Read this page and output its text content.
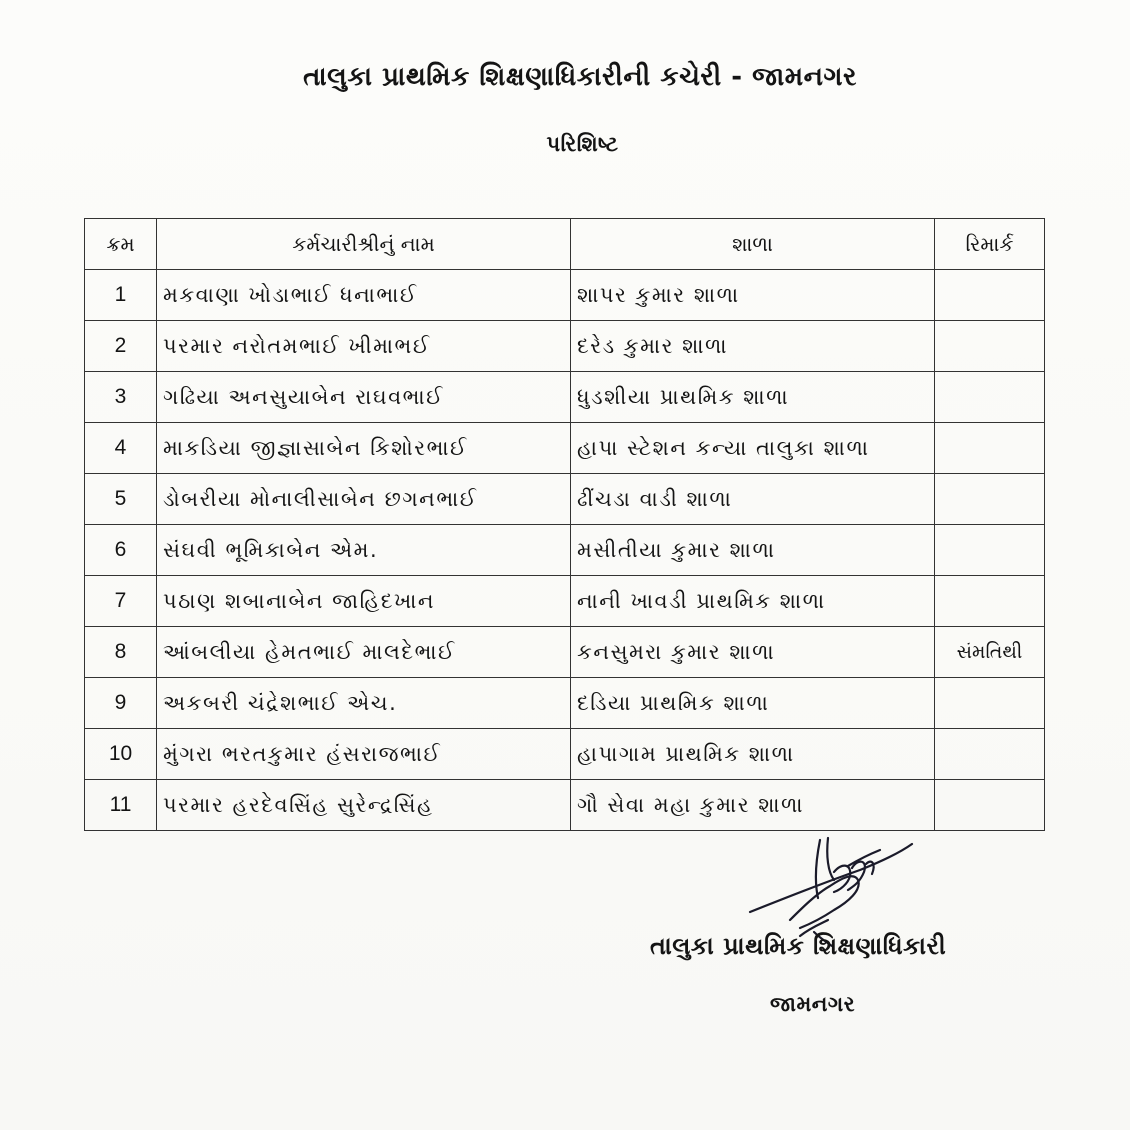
તાલુકા પ્રાથમિક શિક્ષણાધિકારીની કચેરી - જામનગર
પરિશિષ્ટ
ક્રમ	કર્મચારીશ્રીનું નામ	શાળા	રિમાર્ક
1	મકવાણા ખોડાભાઈ ધનાભાઈ	શાપર કુમાર શાળા	
2	પરમાર નરોતમભાઈ ખીમાભઈ	દરેડ કુમાર શાળા	
3	ગઢિયા અનસુયાબેન રાઘવભાઈ	ધુડશીયા પ્રાથમિક શાળા	
4	માકડિયા જીજ્ઞાસાબેન કિશોરભાઈ	હાપા સ્ટેશન કન્યા તાલુકા શાળા	
5	ડોબરીયા મોનાલીસાબેન છગનભાઈ	ઢીંચડા વાડી શાળા	
6	સંઘવી ભૂમિકાબેન એમ.	મસીતીયા કુમાર શાળા	
7	પઠાણ શબાનાબેન જાહિદખાન	નાની ખાવડી પ્રાથમિક શાળા	
8	આંબલીયા હેમતભાઈ માલદેભાઈ	કનસુમરા કુમાર શાળા	સંમતિથી
9	અકબરી ચંદ્રેશભાઈ એચ.	દડિયા પ્રાથમિક શાળા	
10	મુંગરા ભરતકુમાર હંસરાજભાઈ	હાપાગામ પ્રાથમિક શાળા	
11	પરમાર હરદેવસિંહ સુરેન્દ્રસિંહ	ગૌ સેવા મહા કુમાર શાળા	
તાલુકા પ્રાથમિક શિક્ષણાધિકારી
જામનગર
